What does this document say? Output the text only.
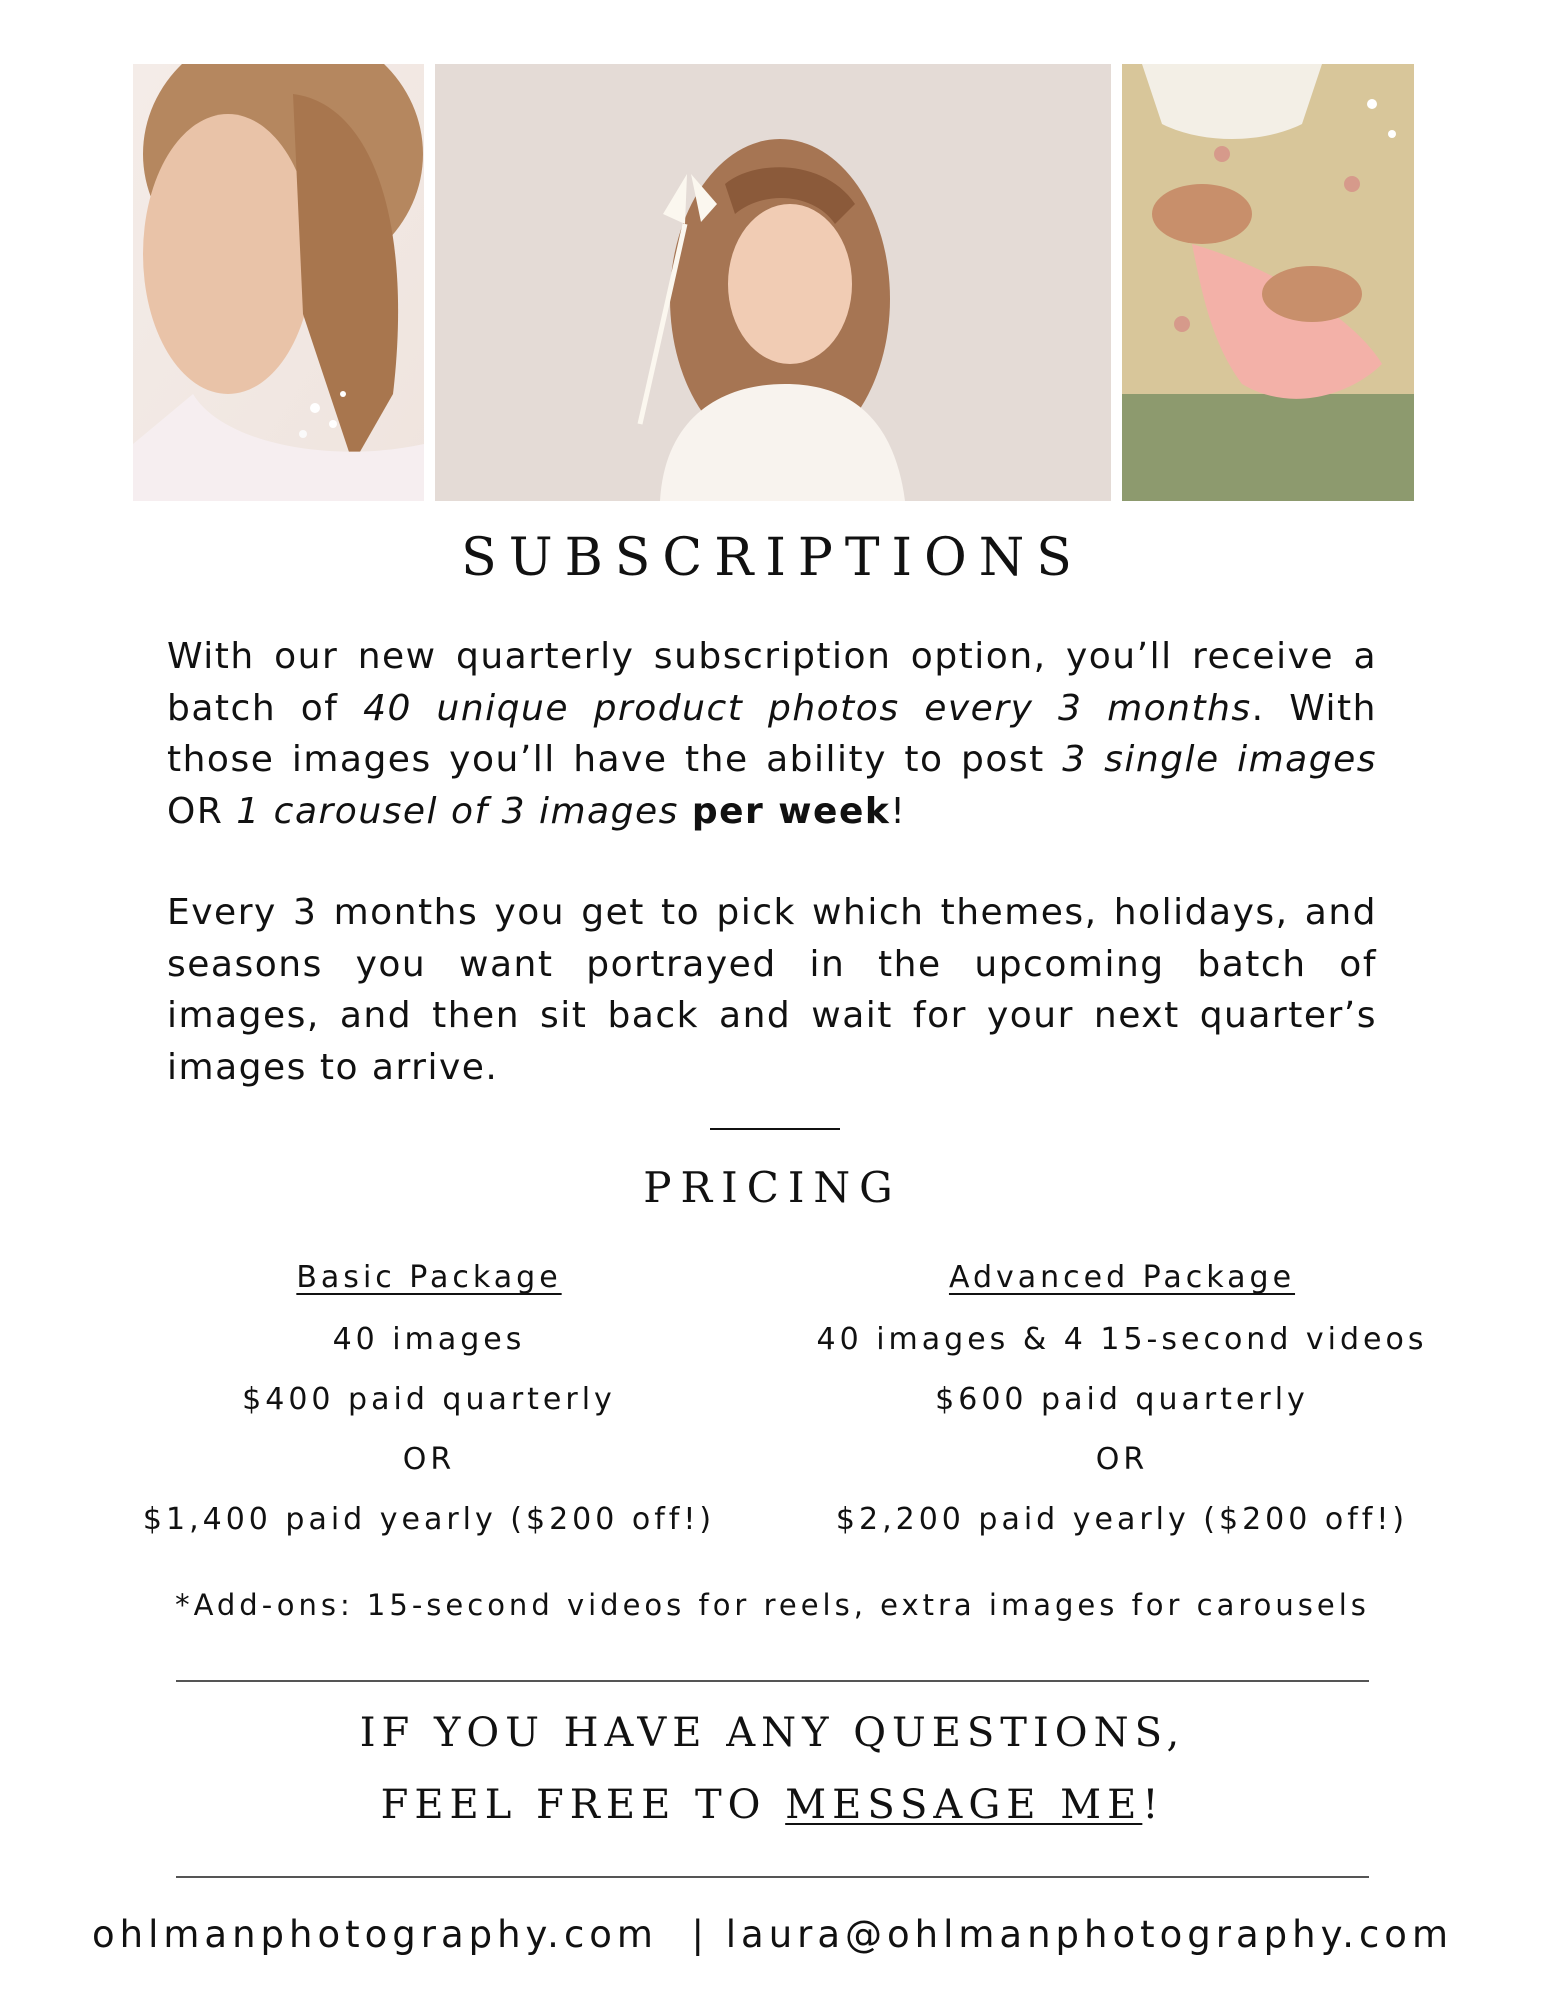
SUBSCRIPTIONS
With our new quarterly subscription option, you’ll receive a batch of 40 unique product photos every 3 months. With those images you’ll have the ability to post 3 single images OR 1 carousel of 3 images per week!
Every 3 months you get to pick which themes, holidays, and seasons you want portrayed in the upcoming batch of images, and then sit back and wait for your next quarter’s images to arrive.
PRICING
Basic Package
40 images
$400 paid quarterly
OR
$1,400 paid yearly ($200 off!)
Advanced Package
40 images & 4 15-second videos
$600 paid quarterly
OR
$2,200 paid yearly ($200 off!)
*Add-ons: 15-second videos for reels, extra images for carousels
IF YOU HAVE ANY QUESTIONS,
FEEL FREE TO MESSAGE ME!
ohlmanphotography.com | laura@ohlmanphotography.com
